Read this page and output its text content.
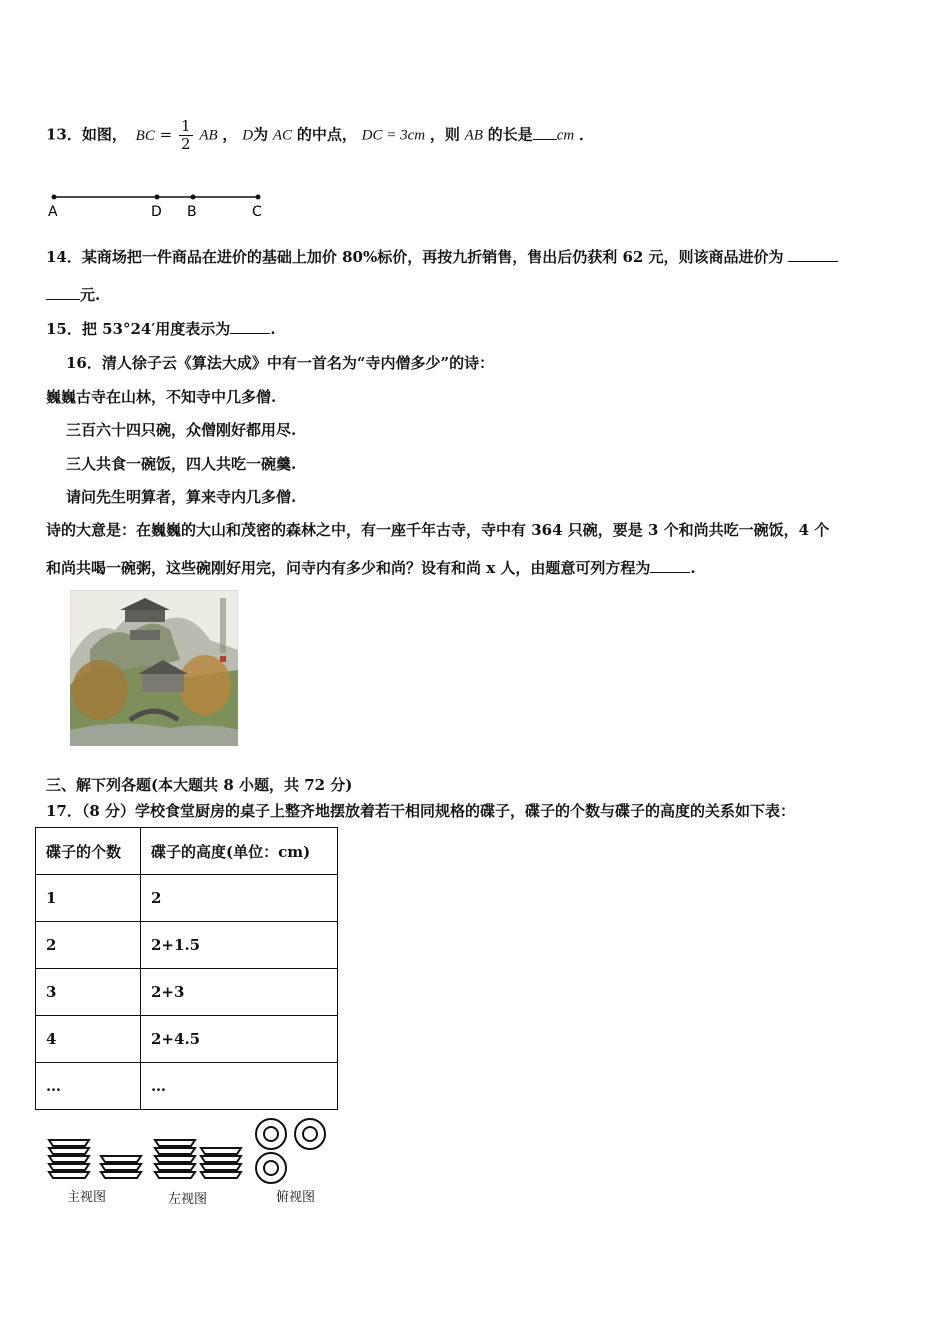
13．如图， BC = $\frac{1}{2}$ AB ， D为 AC 的中点， DC = 3cm ，则 AB 的长是 cm ．
A	D B	C
14．某商场把一件商品在进价的基础上加价 80%标价，再按九折销售，售出后仍获利 62 元，则该商品进价为
元.
15．把 53°24′用度表示为	.
16．清人徐子云《算法大成》中有一首名为“寺内僧多少”的诗：
巍巍古寺在山林，不知寺中几多僧.
三百六十四只碗，众僧刚好都用尽.
三人共食一碗饭，四人共吃一碗羹.
请问先生明算者，算来寺内几多僧.
诗的大意是：在巍巍的大山和茂密的森林之中，有一座千年古寺，寺中有 364 只碗，要是 3 个和尚共吃一碗饭，4 个
和尚共喝一碗粥，这些碗刚好用完，问寺内有多少和尚？设有和尚 x 人，由题意可列方程为	.
三、解下列各题(本大题共 8 小题，共 72 分)
17．（8 分）学校食堂厨房的桌子上整齐地摆放着若干相同规格的碟子，碟子的个数与碟子的高度的关系如下表：
碟子的个数	碟子的高度(单位：cm)
1	2
2	2+1.5
3	2+3
4	2+4.5
…	…
主视图	左视图	俯视图
